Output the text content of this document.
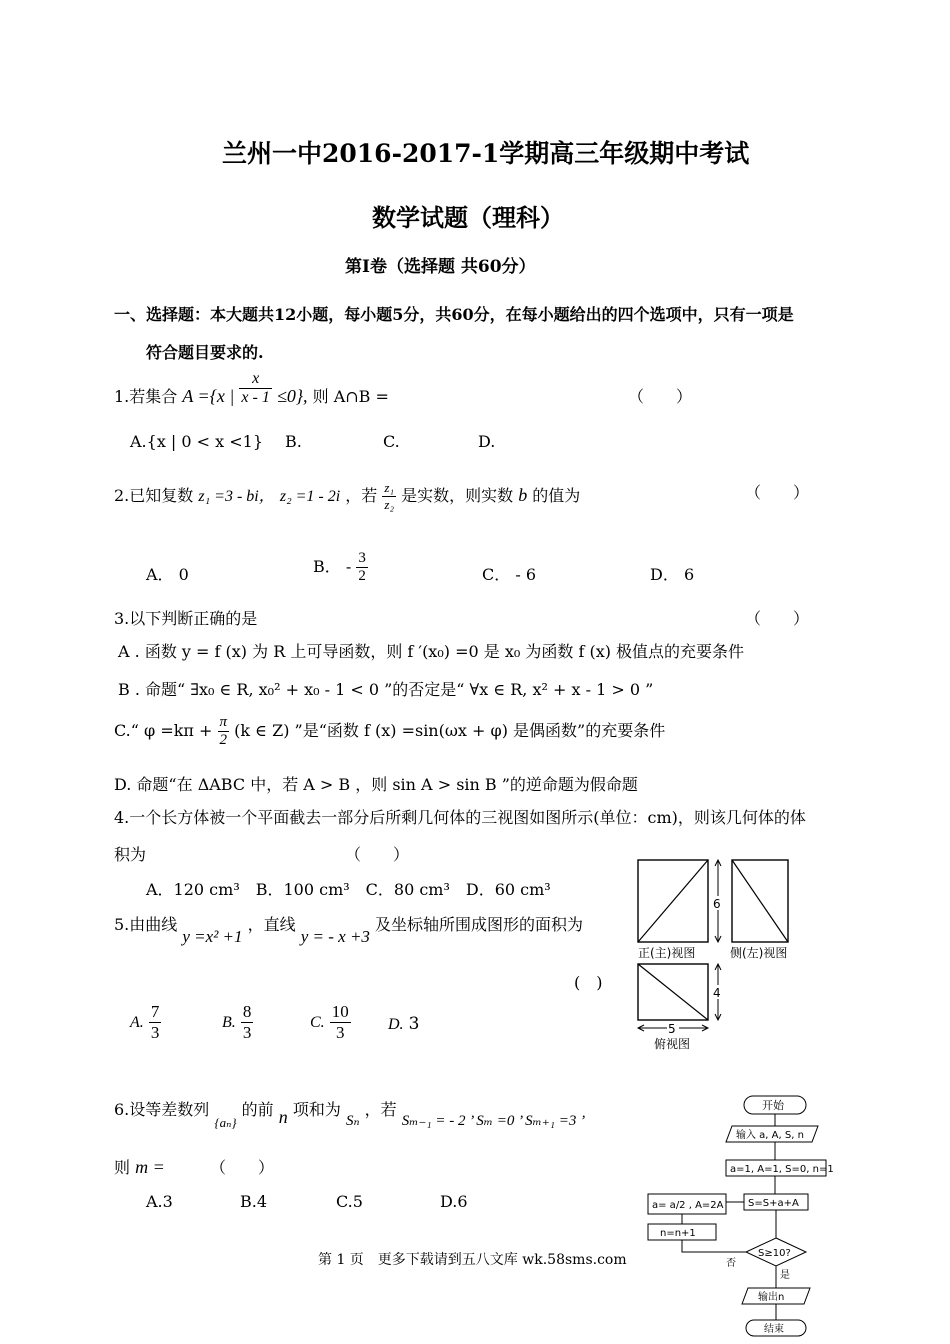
兰州一中2016-2017-1学期高三年级期中考试
数学试题（理科）
第I卷（选择题 共60分）
一、选择题：本大题共12小题，每小题5分，共60分，在每小题给出的四个选项中，只有一项是
符合题目要求的.
1.若集合 A ={x | $\frac{x}{x - 1} \le 0$}, 则 A∩B =	（　　）
A.{x | 0 < x <1} B.	C.	D.
2.已知复数 z₁ =3 - bi， z₂ =1 - 2i ，若 $\frac{\text{z₁}}{\text{z₂}}$ 是实数，则实数 b 的值为	（　　）
A． 0	B． - $\frac{3}{2}$	C． - 6	D． 6
3.以下判断正确的是	（　　）
A . 函数 y = f (x) 为 R 上可导函数，则 f ′(x₀) =0 是 x₀ 为函数 f (x) 极值点的充要条件
B . 命题“ ∃x₀ ∈ R, x₀² + x₀ - 1 < 0 ”的否定是“ ∀x ∈ R, x² + x - 1 > 0 ”
C.“ $\varphi =k\pi + \frac{\pi}{2} (k$ ∈ Z) ”是“函数 f (x) =sin(ωx + φ) 是偶函数”的充要条件
D. 命题“在 ΔABC 中，若 A > B ，则 sin A > sin B ”的逆命题为假命题
4.一个长方体被一个平面截去一部分后所剩几何体的三视图如图所示(单位：cm)，则该几何体的体
积为	（　　）
A．120 cm³　B．100 cm³　C．80 cm³　D．60 cm³
6
正(主)视图	侧(左)视图
4
5
俯视图
5.由曲线 y =x² +1 ，直线 y = - x +3 及坐标轴所围成图形的面积为
(　)
A. $\frac{7}{3}$	B. $\frac{8}{3}$	C. $\frac{10}{3} D$. 3
6.设等差数列 $_{\{a_n\}}$ 的前 n 项和为 Sₙ ，若 Sₘ₋₁ = - 2 ’ Sₘ =0 ’ Sₘ₊₁ =3 ’
则 m =	（　　）
A.3	B.4	C.5	D.6
开始
输入 a, A, S, n
a=1, A=1, S=0, n=1
S=S+a+A
a= a/2 , A=2A
n=n+1
S≥10?
否
是
输出n
结束
第 1 页　更多下载请到五八文库 wk.58sms.com
